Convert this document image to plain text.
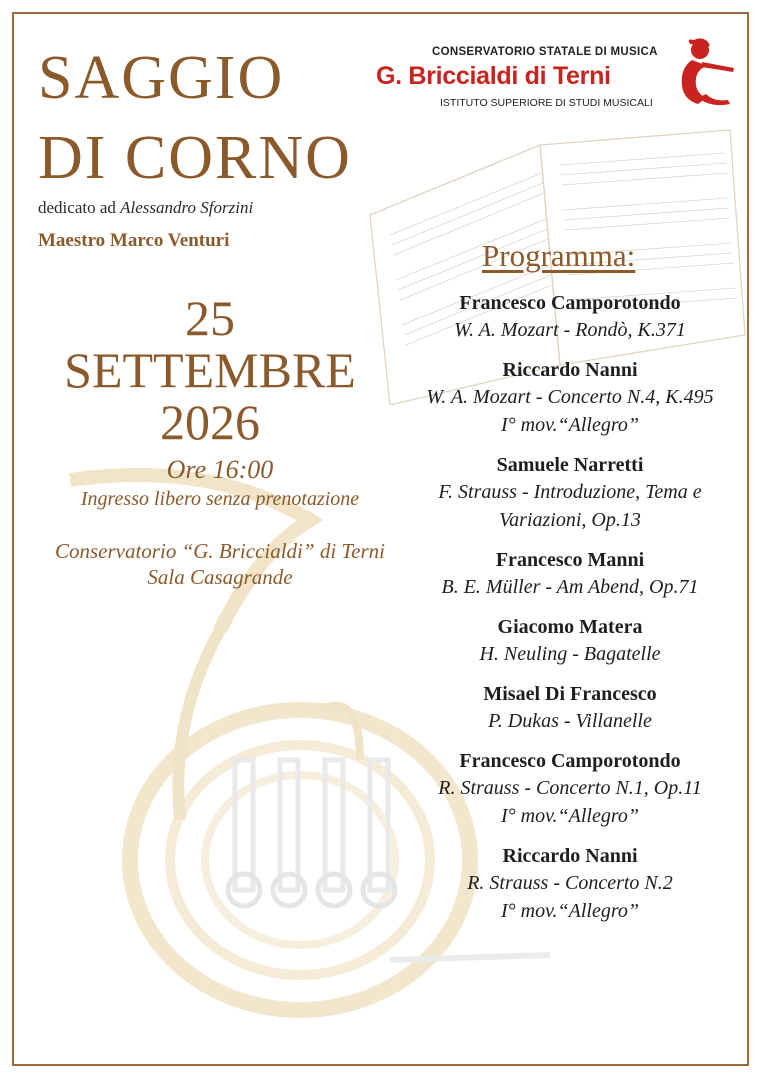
SAGGIO
DI CORNO
dedicato ad Alessandro Sforzini
Maestro Marco Venturi
25
SETTEMBRE
2026
Ore 16:00
Ingresso libero senza prenotazione
Conservatorio “G. Briccialdi” di Terni
Sala Casagrande
CONSERVATORIO STATALE DI MUSICA
G. Briccialdi di Terni
ISTITUTO SUPERIORE DI STUDI MUSICALI
Programma:
Francesco Camporotondo
W. A. Mozart - Rondò, K.371
Riccardo Nanni
W. A. Mozart - Concerto N.4, K.495
I° mov.“Allegro”
Samuele Narretti
F. Strauss - Introduzione, Tema e
Variazioni, Op.13
Francesco Manni
B. E. Müller - Am Abend, Op.71
Giacomo Matera
H. Neuling - Bagatelle
Misael Di Francesco
P. Dukas - Villanelle
Francesco Camporotondo
R. Strauss - Concerto N.1, Op.11
I° mov.“Allegro”
Riccardo Nanni
R. Strauss - Concerto N.2
I° mov.“Allegro”
